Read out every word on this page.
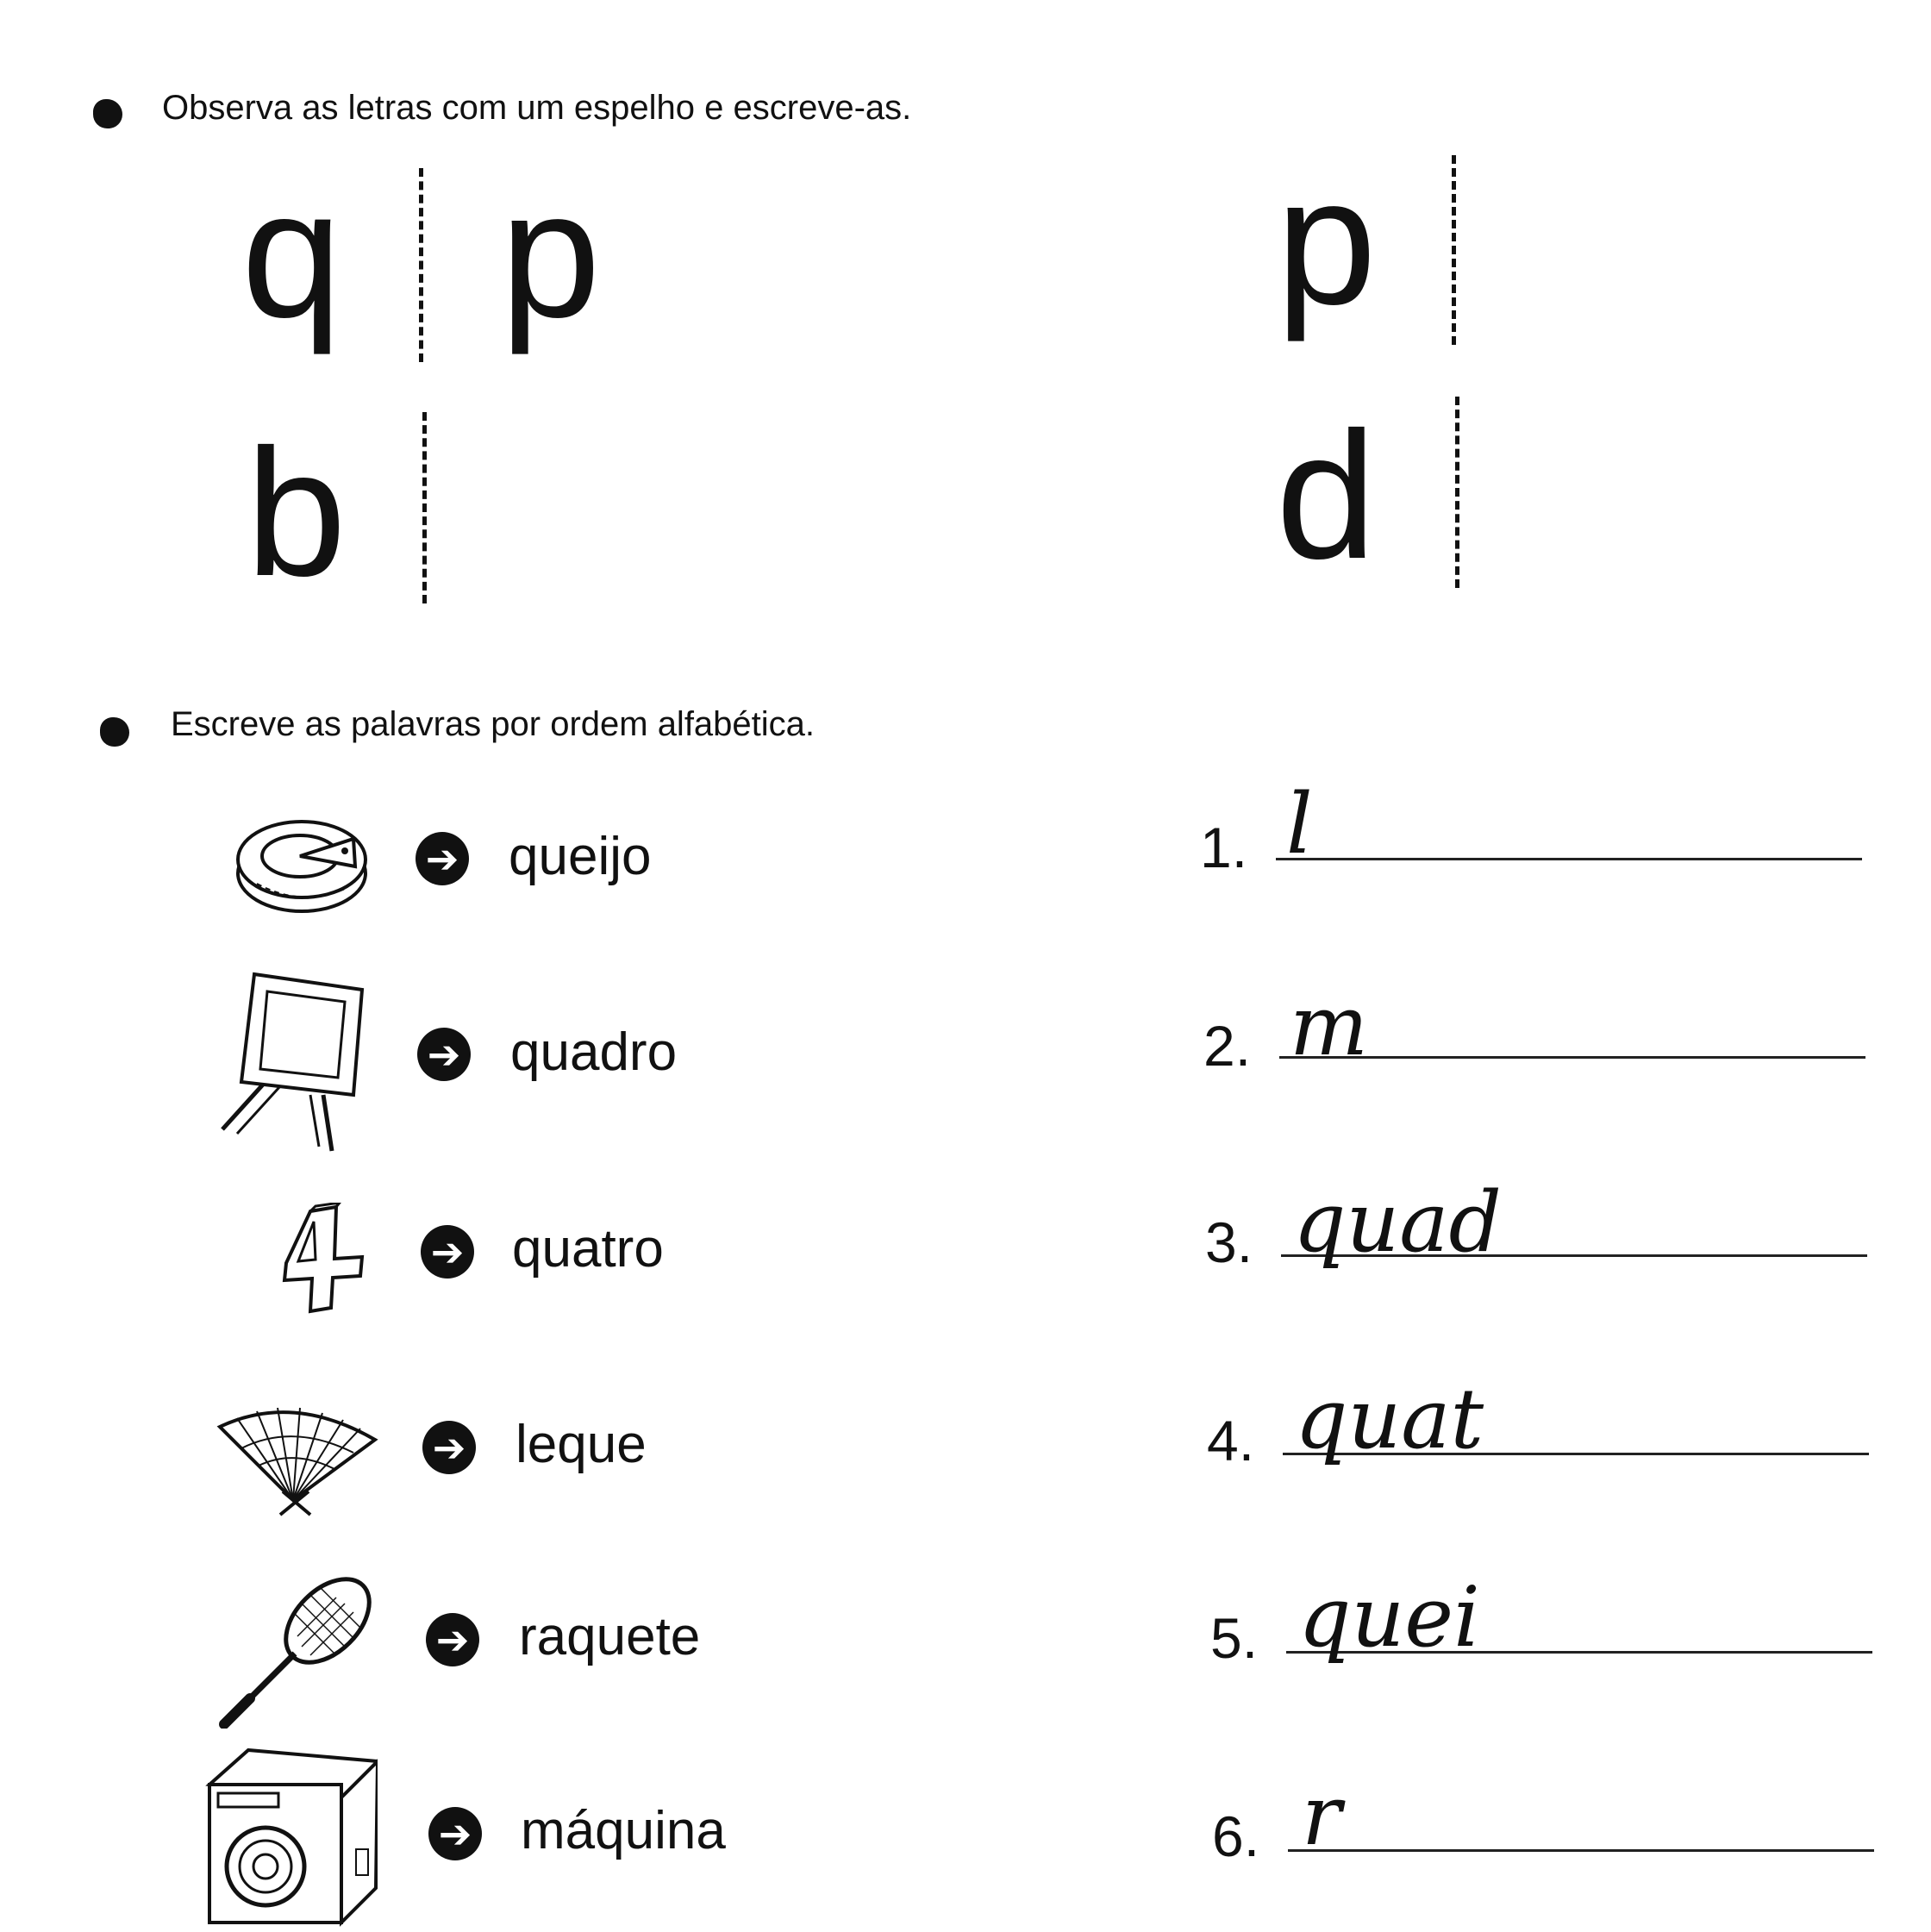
Observa as letras com um espelho e escreve-as.
q p	p
b	d
Escreve as palavras por ordem alfabética.
➔ queijo
➔ quadro
➔ quatro
➔ leque
➔ raquete
➔ máquina
1. l
2. m
3. quad
4. quat
5. quei
6. r
